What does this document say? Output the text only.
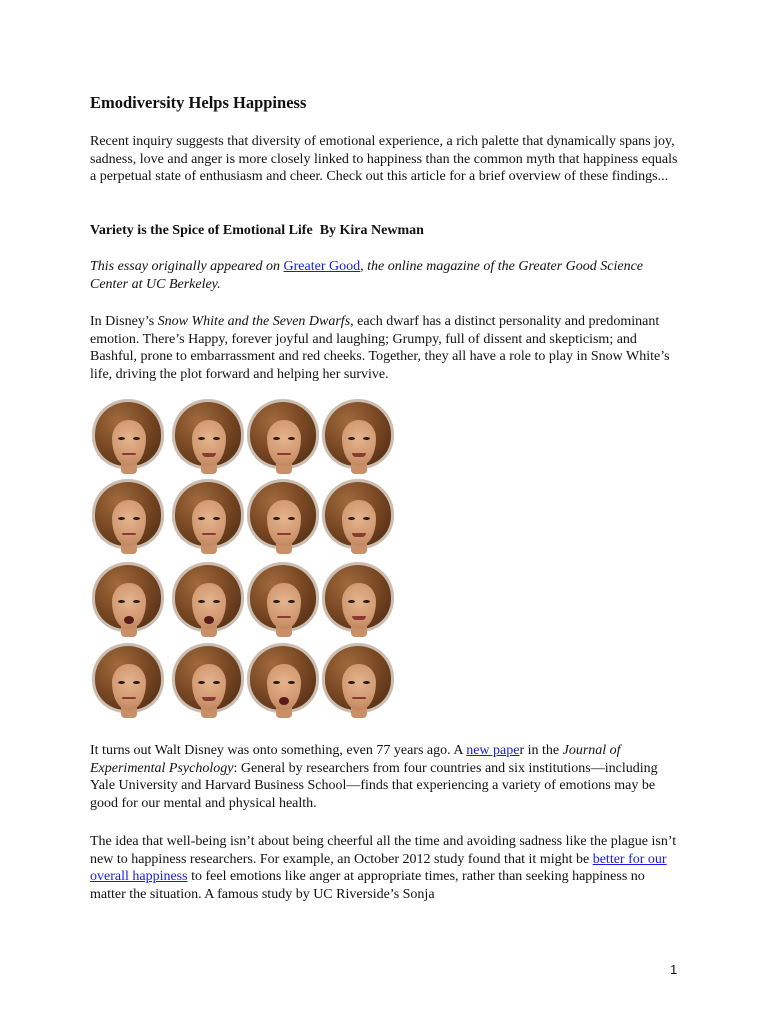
Emodiversity Helps Happiness

Recent inquiry suggests that diversity of emotional experience, a rich palette that dynamically spans joy, sadness, love and anger is more closely linked to happiness than the common myth that happiness equals a perpetual state of enthusiasm and cheer. Check out this article for a brief overview of these findings...

Variety is the Spice of Emotional Life By Kira Newman

This essay originally appeared on Greater Good, the online magazine of the Greater Good Science Center at UC Berkeley.

In Disney’s Snow White and the Seven Dwarfs, each dwarf has a distinct personality and predominant emotion. There’s Happy, forever joyful and laughing; Grumpy, full of dissent and skepticism; and Bashful, prone to embarrassment and red cheeks. Together, they all have a role to play in Snow White’s life, driving the plot forward and helping her survive.

It turns out Walt Disney was onto something, even 77 years ago. A new paper in the Journal of Experimental Psychology: General by researchers from four countries and six institutions—including Yale University and Harvard Business School—finds that experiencing a variety of emotions may be good for our mental and physical health.

The idea that well-being isn’t about being cheerful all the time and avoiding sadness like the plague isn’t new to happiness researchers. For example, an October 2012 study found that it might be better for our overall happiness to feel emotions like anger at appropriate times, rather than seeking happiness no matter the situation. A famous study by UC Riverside’s Sonja

1
